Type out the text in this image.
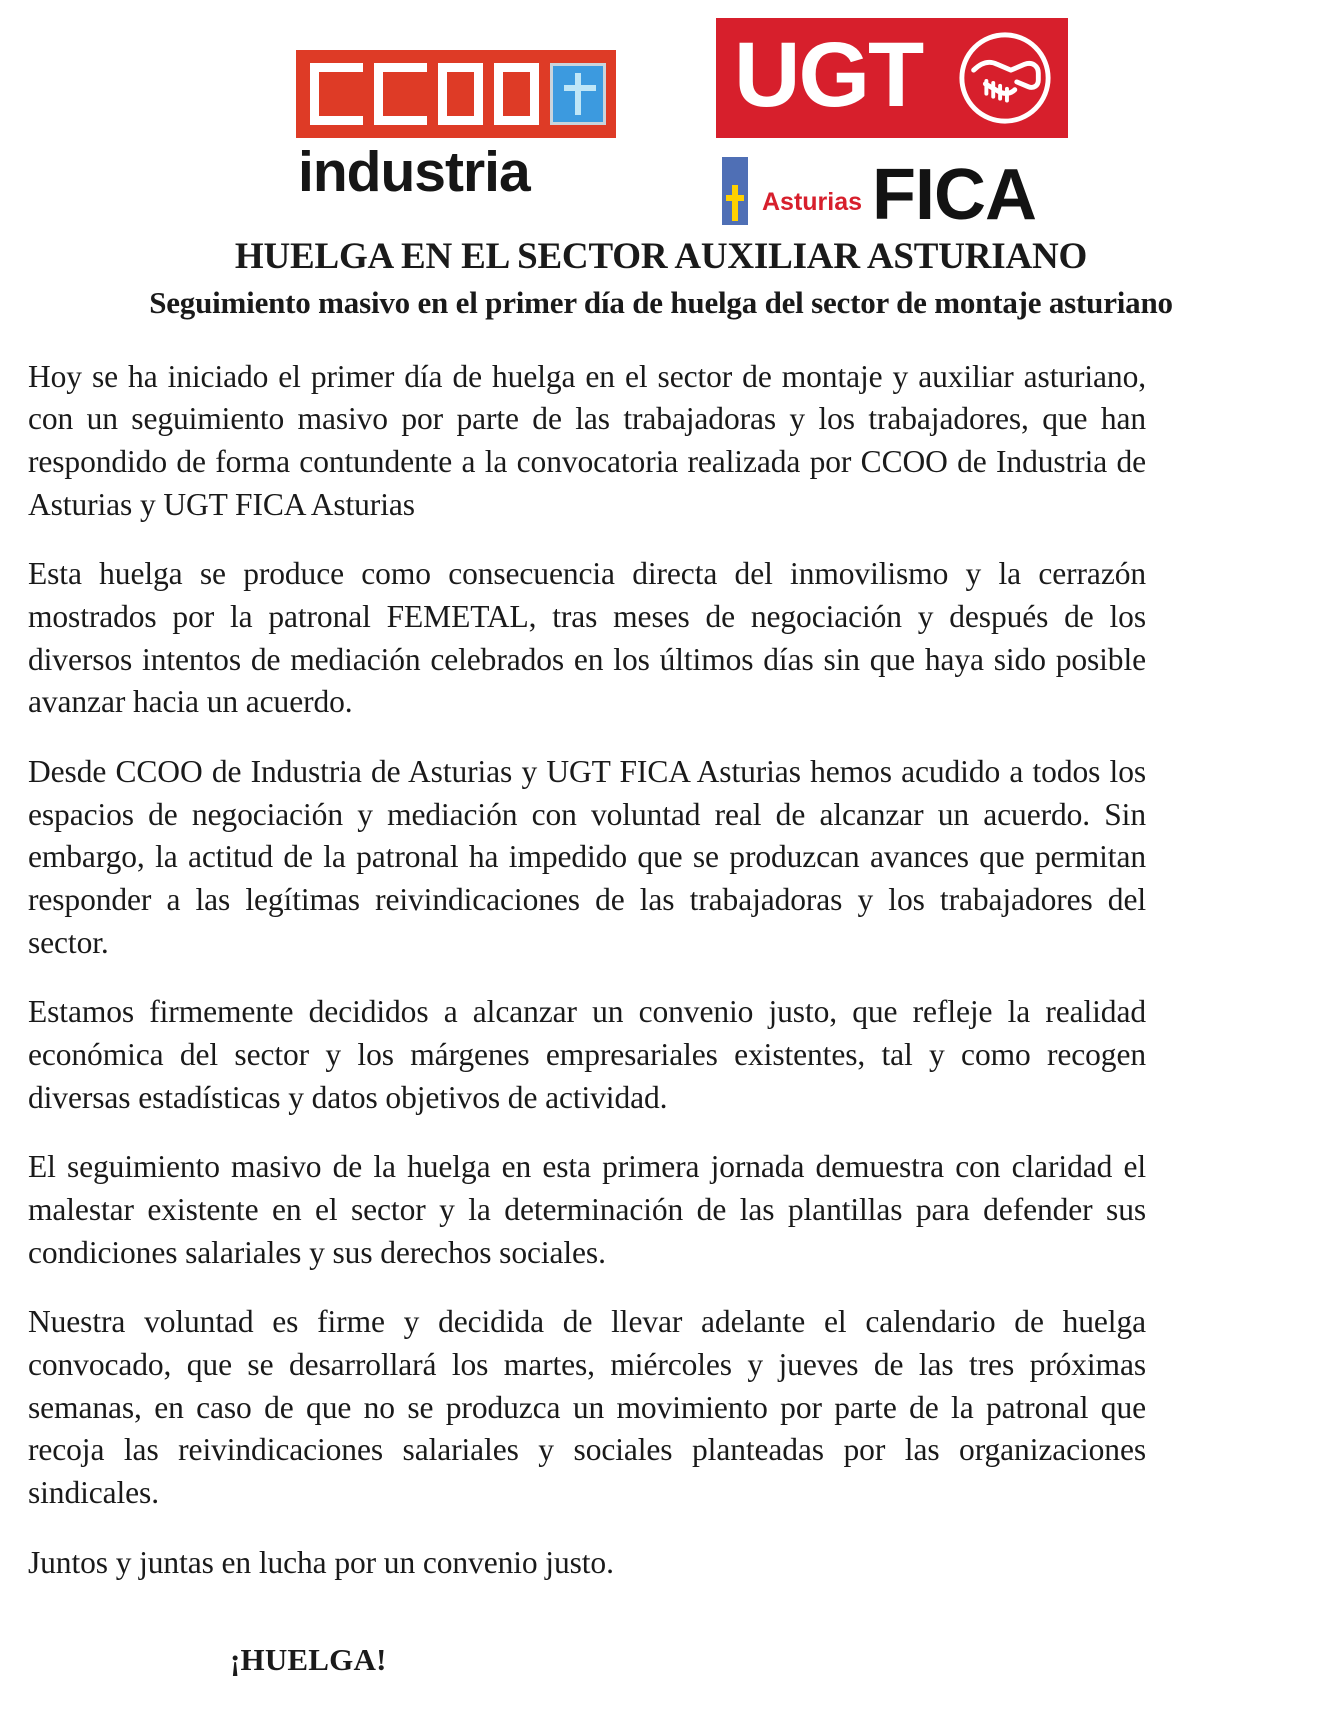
industria
UGT
Asturias FICA
HUELGA EN EL SECTOR AUXILIAR ASTURIANO
Seguimiento masivo en el primer día de huelga del sector de montaje asturiano

Hoy se ha iniciado el primer día de huelga en el sector de montaje y auxiliar asturiano, con un seguimiento masivo por parte de las trabajadoras y los trabajadores, que han respondido de forma contundente a la convocatoria realizada por CCOO de Industria de Asturias y UGT FICA Asturias

Esta huelga se produce como consecuencia directa del inmovilismo y la cerrazón mostrados por la patronal FEMETAL, tras meses de negociación y después de los diversos intentos de mediación celebrados en los últimos días sin que haya sido posible avanzar hacia un acuerdo.

Desde CCOO de Industria de Asturias y UGT FICA Asturias hemos acudido a todos los espacios de negociación y mediación con voluntad real de alcanzar un acuerdo. Sin embargo, la actitud de la patronal ha impedido que se produzcan avances que permitan responder a las legítimas reivindicaciones de las trabajadoras y los trabajadores del sector.

Estamos firmemente decididos a alcanzar un convenio justo, que refleje la realidad económica del sector y los márgenes empresariales existentes, tal y como recogen diversas estadísticas y datos objetivos de actividad.

El seguimiento masivo de la huelga en esta primera jornada demuestra con claridad el malestar existente en el sector y la determinación de las plantillas para defender sus condiciones salariales y sus derechos sociales.

Nuestra voluntad es firme y decidida de llevar adelante el calendario de huelga convocado, que se desarrollará los martes, miércoles y jueves de las tres próximas semanas, en caso de que no se produzca un movimiento por parte de la patronal que recoja las reivindicaciones salariales y sociales planteadas por las organizaciones sindicales.

Juntos y juntas en lucha por un convenio justo.

¡HUELGA!
